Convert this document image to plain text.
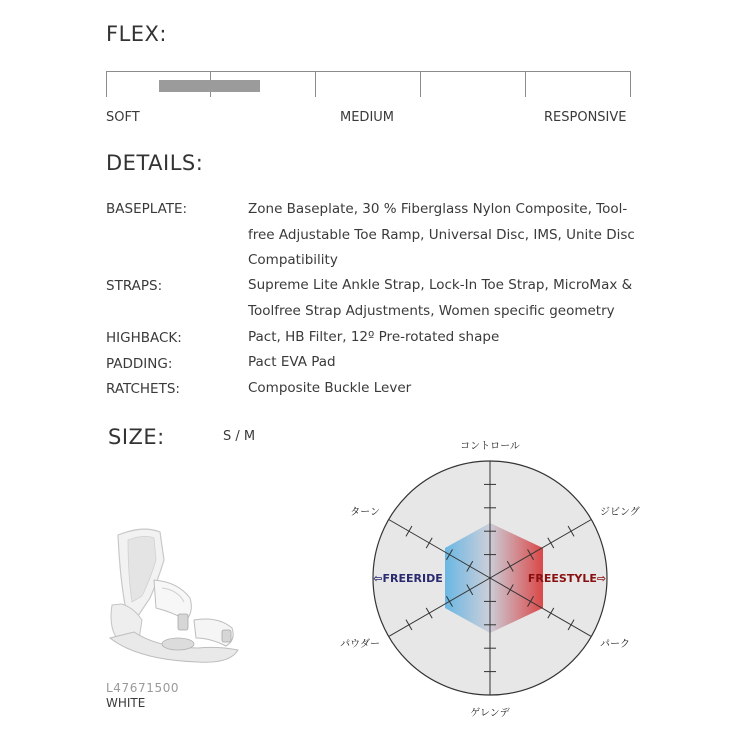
FLEX:
SOFT	MEDIUM	RESPONSIVE
DETAILS:
BASEPLATE:	Zone Baseplate, 30 % Fiberglass Nylon Composite, Tool-
free Adjustable Toe Ramp, Universal Disc, IMS, Unite Disc
Compatibility
STRAPS:	Supreme Lite Ankle Strap, Lock-In Toe Strap, MicroMax &
Toolfree Strap Adjustments, Women specific geometry
HIGHBACK:	Pact, HB Filter, 12º Pre-rotated shape
PADDING:	Pact EVA Pad
RATCHETS:	Composite Buckle Lever
SIZE:	S / M
L47671500
WHITE
コントロール
ターン	ジビング
パウダー	パーク
ゲレンデ
⇦FREERIDE	FREESTYLE⇨
